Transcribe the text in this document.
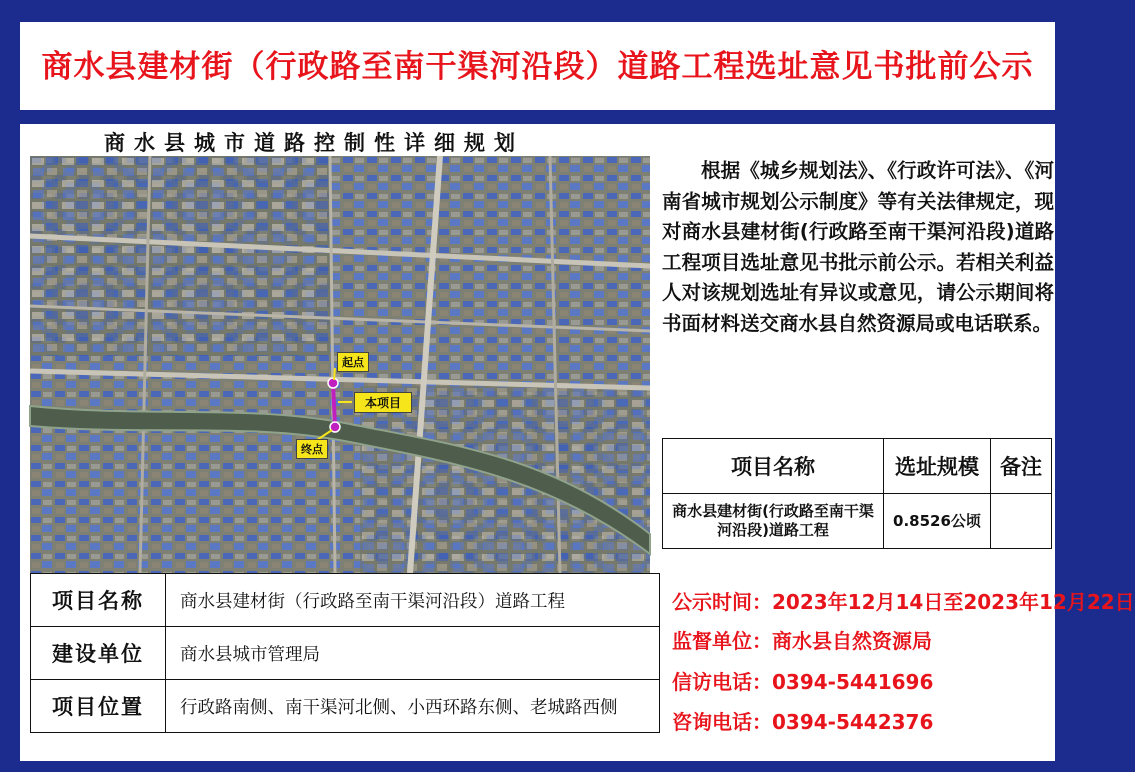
商水县建材街（行政路至南干渠河沿段）道路工程选址意见书批前公示
商水县城市道路控制性详细规划
起点
本项目
终点
根据《城乡规划法》、《行政许可法》、《河南省城市规划公示制度》等有关法律规定，现对商水县建材街(行政路至南干渠河沿段)道路工程项目选址意见书批示前公示。若相关利益人对该规划选址有异议或意见，请公示期间将书面材料送交商水县自然资源局或电话联系。
项目名称	选址规模	备注
商水县建材街(行政路至南干渠河沿段)道路工程	0.8526公顷	
项目名称	商水县建材街（行政路至南干渠河沿段）道路工程
建设单位	商水县城市管理局
项目位置	行政路南侧、南干渠河北侧、小西环路东侧、老城路西侧
公示时间：2023年12月14日至2023年12月22日
监督单位：商水县自然资源局
信访电话：0394-5441696
咨询电话：0394-5442376
